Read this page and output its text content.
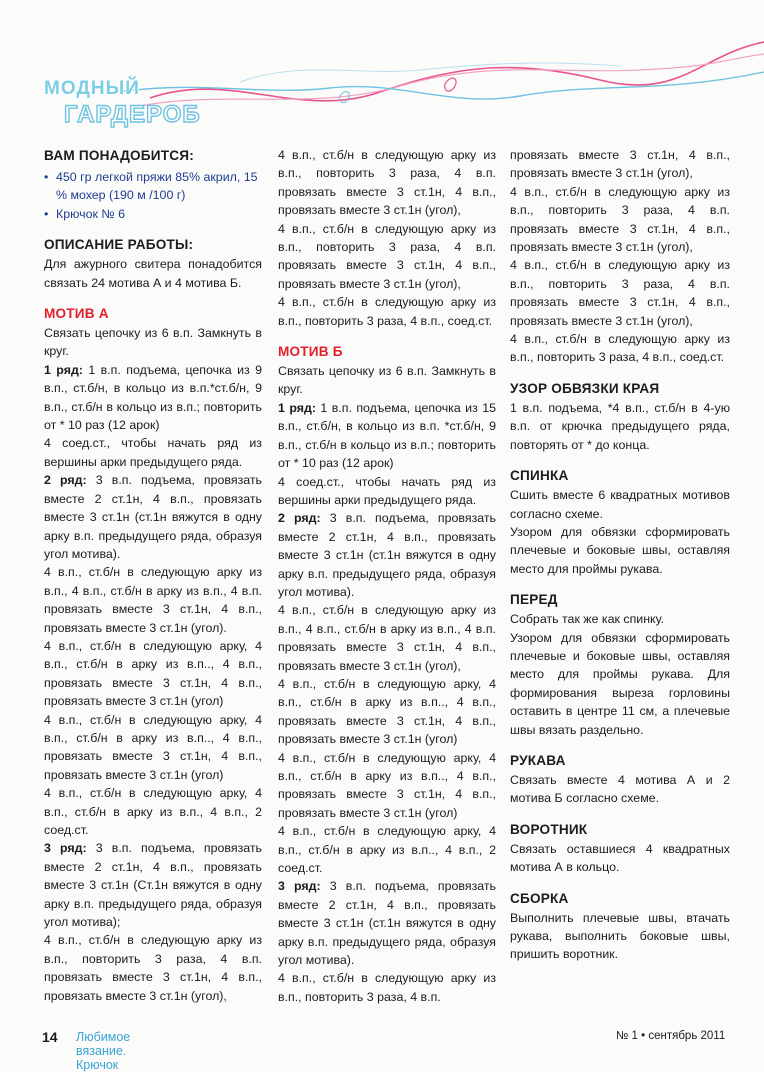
МОДНЫЙ
ГАРДЕРОБ
ВАМ ПОНАДОБИТСЯ:
• 450 гр легкой пряжи 85% акрил, 15 % мохер (190 м /100 г)
• Крючок № 6
ОПИСАНИЕ РАБОТЫ:
Для ажурного свитера понадобится связать 24 мотива А и 4 мотива Б.
МОТИВ А
Связать цепочку из 6 в.п. Замкнуть в круг.
1 ряд: 1 в.п. подъема, цепочка из 9 в.п., ст.б/н, в кольцо из в.п.*ст.б/н, 9 в.п., ст.б/н в кольцо из в.п.; повторить от * 10 раз (12 арок)
4 соед.ст., чтобы начать ряд из вершины арки предыдущего ряда.
2 ряд: 3 в.п. подъема, провязать вместе 2 ст.1н, 4 в.п., провязать вместе 3 ст.1н (ст.1н вяжутся в одну арку в.п. предыдущего ряда, образуя угол мотива).
4 в.п., ст.б/н в следующую арку из в.п., 4 в.п., ст.б/н в арку из в.п., 4 в.п. провязать вместе 3 ст.1н, 4 в.п., провязать вместе 3 ст.1н (угол).
4 в.п., ст.б/н в следующую арку, 4 в.п., ст.б/н в арку из в.п.., 4 в.п., провязать вместе 3 ст.1н, 4 в.п., провязать вместе 3 ст.1н (угол)
4 в.п., ст.б/н в следующую арку, 4 в.п., ст.б/н в арку из в.п.., 4 в.п., провязать вместе 3 ст.1н, 4 в.п., провязать вместе 3 ст.1н (угол)
4 в.п., ст.б/н в следующую арку, 4 в.п., ст.б/н в арку из в.п., 4 в.п., 2 соед.ст.
3 ряд: 3 в.п. подъема, провязать вместе 2 ст.1н, 4 в.п., провязать вместе 3 ст.1н (Ст.1н вяжутся в одну арку в.п. предыдущего ряда, образуя угол мотива);
4 в.п., ст.б/н в следующую арку из в.п., повторить 3 раза, 4 в.п. провязать вместе 3 ст.1н, 4 в.п., провязать вместе 3 ст.1н (угол),
4 в.п., ст.б/н в следующую арку из в.п., повторить 3 раза, 4 в.п. провязать вместе 3 ст.1н, 4 в.п., провязать вместе 3 ст.1н (угол),
4 в.п., ст.б/н в следующую арку из в.п., повторить 3 раза, 4 в.п. провязать вместе 3 ст.1н, 4 в.п., провязать вместе 3 ст.1н (угол),
4 в.п., ст.б/н в следующую арку из в.п., повторить 3 раза, 4 в.п., соед.ст.
МОТИВ Б
Связать цепочку из 6 в.п. Замкнуть в круг.
1 ряд: 1 в.п. подъема, цепочка из 15 в.п., ст.б/н, в кольцо из в.п. *ст.б/н, 9 в.п., ст.б/н в кольцо из в.п.; повторить от * 10 раз (12 арок)
4 соед.ст., чтобы начать ряд из вершины арки предыдущего ряда.
2 ряд: 3 в.п. подъема, провязать вместе 2 ст.1н, 4 в.п., провязать вместе 3 ст.1н (ст.1н вяжутся в одну арку в.п. предыдущего ряда, образуя угол мотива).
4 в.п., ст.б/н в следующую арку из в.п., 4 в.п., ст.б/н в арку из в.п., 4 в.п. провязать вместе 3 ст.1н, 4 в.п., провязать вместе 3 ст.1н (угол),
4 в.п., ст.б/н в следующую арку, 4 в.п., ст.б/н в арку из в.п.., 4 в.п., провязать вместе 3 ст.1н, 4 в.п., провязать вместе 3 ст.1н (угол)
4 в.п., ст.б/н в следующую арку, 4 в.п., ст.б/н в арку из в.п.., 4 в.п., провязать вместе 3 ст.1н, 4 в.п., провязать вместе 3 ст.1н (угол)
4 в.п., ст.б/н в следующую арку, 4 в.п., ст.б/н в арку из в.п.., 4 в.п., 2 соед.ст.
3 ряд: 3 в.п. подъема, провязать вместе 2 ст.1н, 4 в.п., провязать вместе 3 ст.1н (ст.1н вяжутся в одну арку в.п. предыдущего ряда, образуя угол мотива).
4 в.п., ст.б/н в следующую арку из в.п., повторить 3 раза, 4 в.п.
провязать вместе 3 ст.1н, 4 в.п., провязать вместе 3 ст.1н (угол),
4 в.п., ст.б/н в следующую арку из в.п., повторить 3 раза, 4 в.п. провязать вместе 3 ст.1н, 4 в.п., провязать вместе 3 ст.1н (угол),
4 в.п., ст.б/н в следующую арку из в.п., повторить 3 раза, 4 в.п. провязать вместе 3 ст.1н, 4 в.п., провязать вместе 3 ст.1н (угол),
4 в.п., ст.б/н в следующую арку из в.п., повторить 3 раза, 4 в.п., соед.ст.
УЗОР ОБВЯЗКИ КРАЯ
1 в.п. подъема, *4 в.п., ст.б/н в 4-ую в.п. от крючка предыдущего ряда, повторять от * до конца.
СПИНКА
Сшить вместе 6 квадратных мотивов согласно схеме.
Узором для обвязки сформировать плечевые и боковые швы, оставляя место для проймы рукава.
ПЕРЕД
Собрать так же как спинку.
Узором для обвязки сформировать плечевые и боковые швы, оставляя место для проймы рукава. Для формирования выреза горловины оставить в центре 11 см, а плечевые швы вязать раздельно.
РУКАВА
Связать вместе 4 мотива А и 2 мотива Б согласно схеме.
ВОРОТНИК
Связать оставшиеся 4 квадратных мотива А в кольцо.
СБОРКА
Выполнить плечевые швы, втачать рукава, выполнить боковые швы, пришить воротник.
14 Любимое вязание. Крючок
№ 1 • сентябрь 2011
